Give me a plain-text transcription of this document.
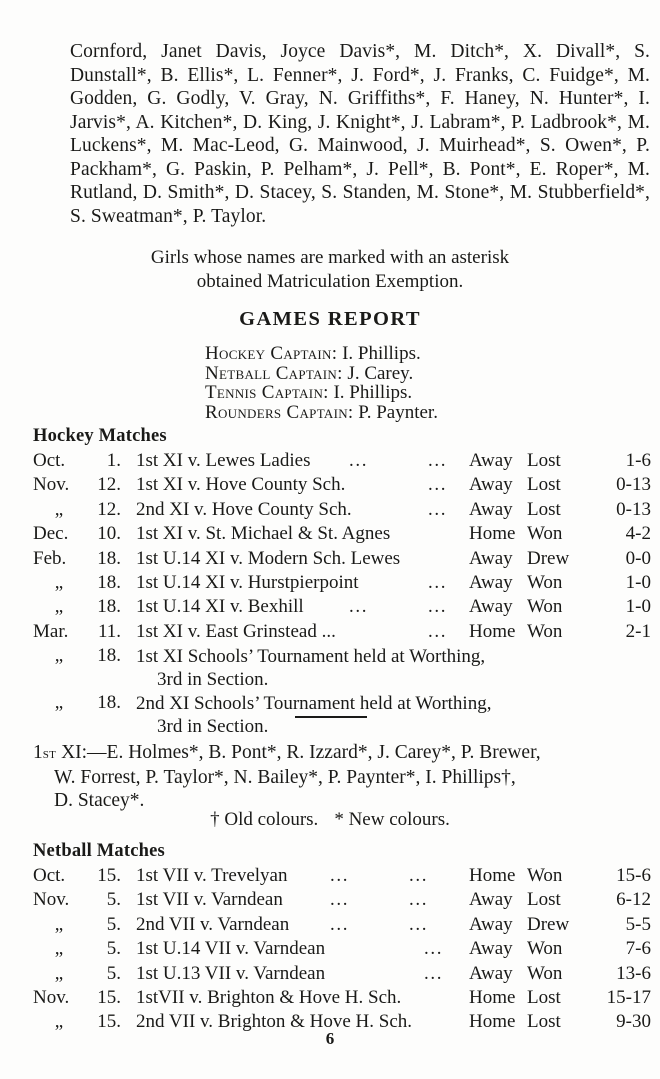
Cornford, Janet Davis, Joyce Davis*, M. Ditch*, X. Divall*, S. Dunstall*, B. Ellis*, L. Fenner*, J. Ford*, J. Franks, C. Fuidge*, M. Godden, G. Godly, V. Gray, N. Griffiths*, F. Haney, N. Hunter*, I. Jarvis*, A. Kitchen*, D. King, J. Knight*, J. Labram*, P. Ladbrook*, M. Luckens*, M. Mac-Leod, G. Mainwood, J. Muirhead*, S. Owen*, P. Packham*, G. Paskin, P. Pelham*, J. Pell*, B. Pont*, E. Roper*, M. Rutland, D. Smith*, D. Stacey, S. Standen, M. Stone*, M. Stubberfield*, S. Sweatman*, P. Taylor.
Girls whose names are marked with an asterisk
obtained Matriculation Exemption.
GAMES REPORT
Hockey Captain: I. Phillips.
Netball Captain: J. Carey.
Tennis Captain: I. Phillips.
Rounders Captain: P. Paynter.
Hockey Matches
Oct.	1. 1st XI v. Lewes Ladies ...	... Away Lost	1-6
Nov.	12. 1st XI v. Hove County Sch.	... Away Lost	0-13
„	12. 2nd XI v. Hove County Sch.	... Away Lost	0-13
Dec.	10. 1st XI v. St. Michael & St. Agnes	Home Won	4-2
Feb.	18. 1st U.14 XI v. Modern Sch. Lewes	Away Drew	0-0
„	18. 1st U.14 XI v. Hurstpierpoint	... Away Won	1-0
„	18. 1st U.14 XI v. Bexhill ...	... Away Won	1-0
Mar.	11. 1st XI v. East Grinstead ...	... Home Won	2-1
„	18. 1st XI Schools’ Tournament held at Worthing,
3rd in Section.
„	18. 2nd XI Schools’ Tournament held at Worthing,
3rd in Section.
1st XI:—E. Holmes*, B. Pont*, R. Izzard*, J. Carey*, P. Brewer,
W. Forrest, P. Taylor*, N. Bailey*, P. Paynter*, I. Phillips†,
D. Stacey*.
† Old colours. * New colours.
Netball Matches
Oct.	15. 1st VII v. Trevelyan ...	... Home Won	15-6
Nov.	5. 1st VII v. Varndean ...	... Away Lost	6-12
„	5. 2nd VII v. Varndean ...	... Away Drew	5-5
„	5. 1st U.14 VII v. Varndean	... Away Won	7-6
„	5. 1st U.13 VII v. Varndean	... Away Won	13-6
Nov.	15. 1stVII v. Brighton & Hove H. Sch.	Home Lost	15-17
„	15. 2nd VII v. Brighton & Hove H. Sch.	Home Lost	9-30
6
